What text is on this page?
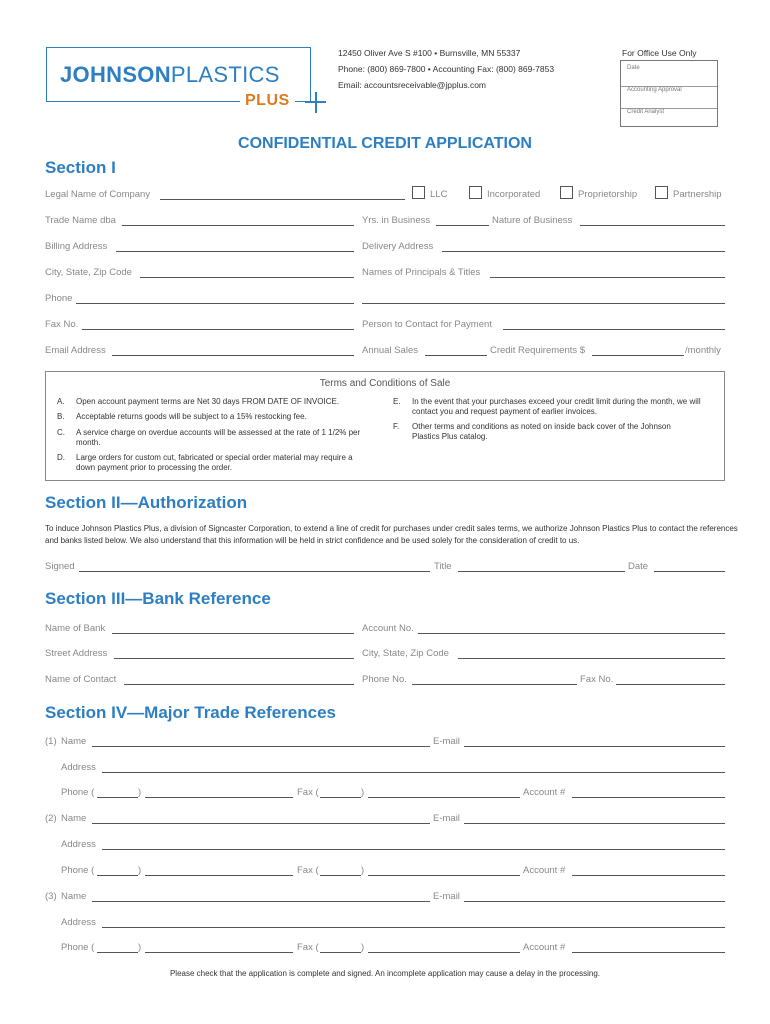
JOHNSONPLASTICS
PLUS
12450 Oliver Ave S #100 • Burnsville, MN 55337
Phone: (800) 869-7800 • Accounting Fax: (800) 869-7853
Email: accountsreceivable@jpplus.com
For Office Use Only
Date
Accounting Approval
Credit Analyst
CONFIDENTIAL CREDIT APPLICATION
Section I
Legal Name of Company	LLC	Incorporated	Proprietorship	Partnership
Trade Name dba	Yrs. in Business	Nature of Business
Billing Address	Delivery Address
City, State, Zip Code	Names of Principals & Titles
Phone
Fax No.	Person to Contact for Payment
Email Address	Annual Sales	Credit Requirements $	/monthly
Terms and Conditions of Sale
A. Open account payment terms are Net 30 days FROM DATE OF INVOICE.
B. Acceptable returns goods will be subject to a 15% restocking fee.
C. A service charge on overdue accounts will be assessed at the rate of 1 1/2% per month.
D. Large orders for custom cut, fabricated or special order material may require a down payment prior to processing the order.
E. In the event that your purchases exceed your credit limit during the month, we will contact you and request payment of earlier invoices.
F. Other terms and conditions as noted on inside back cover of the Johnson Plastics Plus catalog.
Section II—Authorization
To induce Johnson Plastics Plus, a division of Signcaster Corporation, to extend a line of credit for purchases under credit sales terms, we authorize Johnson Plastics Plus to contact the references and banks listed below. We also understand that this information will be held in strict confidence and be used solely for the consideration of credit to us.
Signed	Title	Date
Section III—Bank Reference
Name of Bank	Account No.
Street Address	City, State, Zip Code
Name of Contact	Phone No.	Fax No.
Section IV—Major Trade References
(1) Name	E-mail
Address
Phone (	)	Fax (	)	Account #
(2) Name	E-mail
Address
Phone (	)	Fax (	)	Account #
(3) Name	E-mail
Address
Phone (	)	Fax (	)	Account #
Please check that the application is complete and signed. An incomplete application may cause a delay in the processing.
